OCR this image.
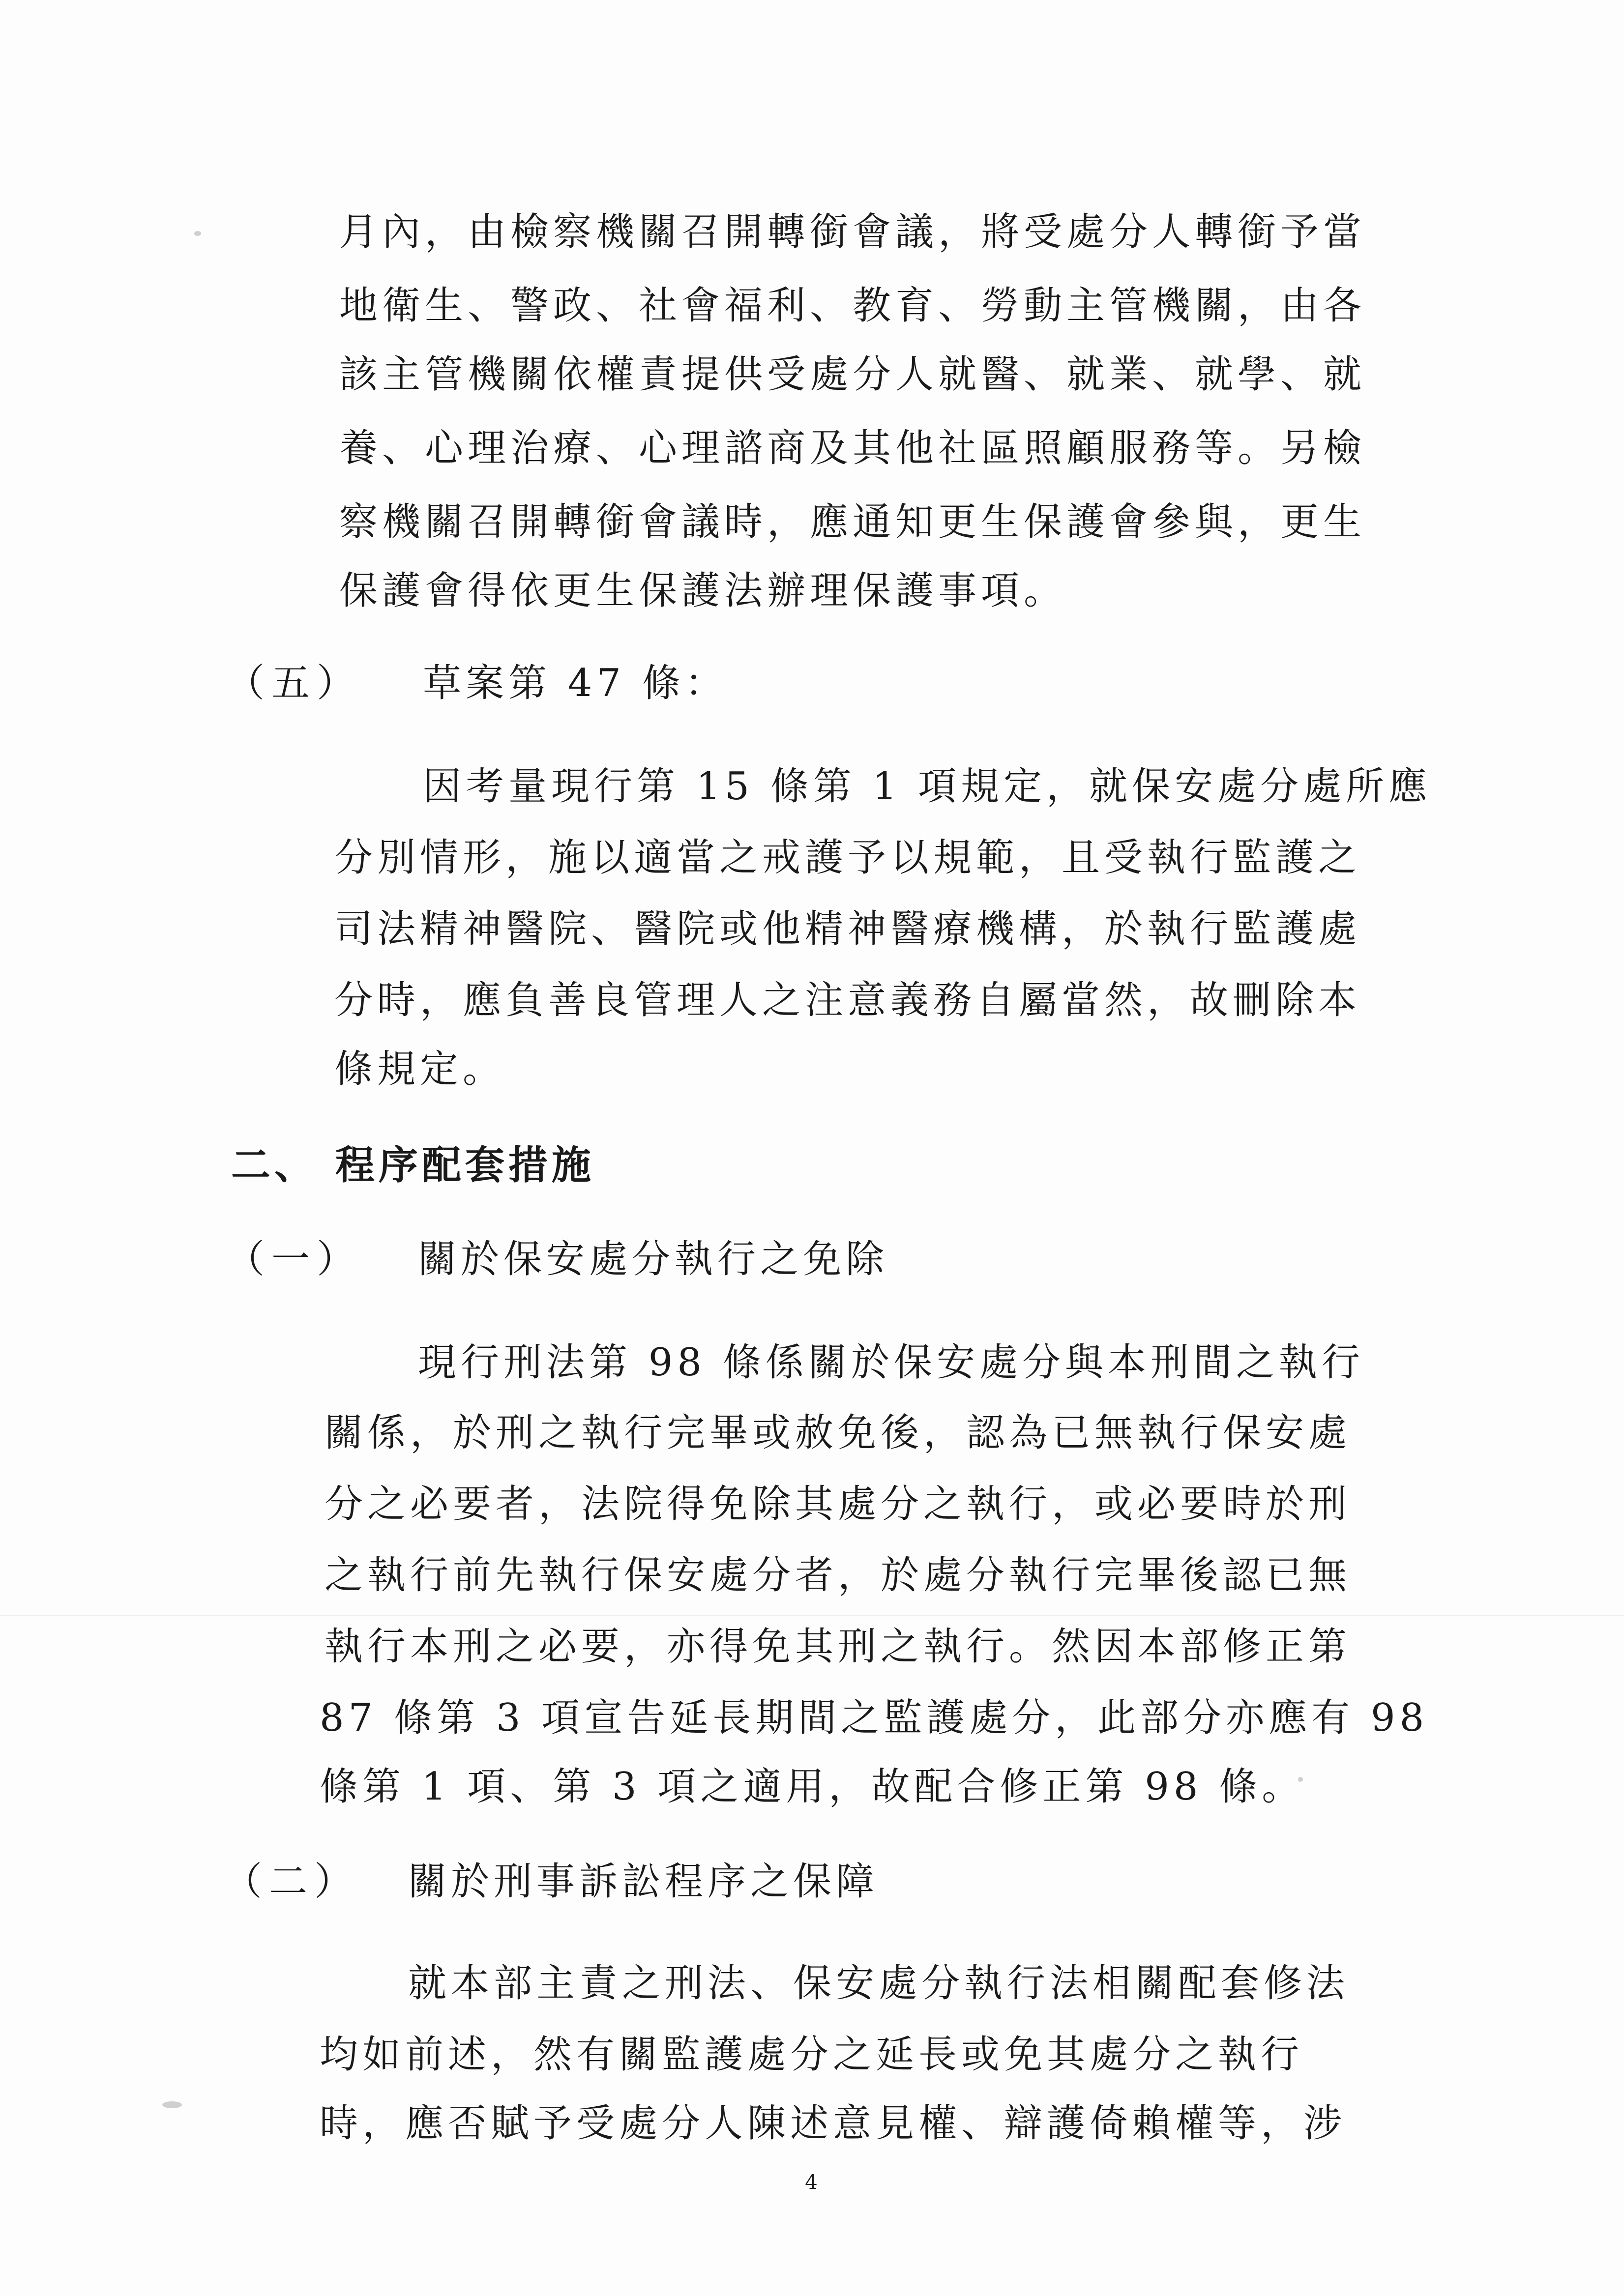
月內，由檢察機關召開轉銜會議，將受處分人轉銜予當
地衛生、警政、社會福利、教育、勞動主管機關，由各
該主管機關依權責提供受處分人就醫、就業、就學、就
養、心理治療、心理諮商及其他社區照顧服務等。另檢
察機關召開轉銜會議時，應通知更生保護會參與，更生
保護會得依更生保護法辦理保護事項。
（五） 草案第 47 條：
因考量現行第 15 條第 1 項規定，就保安處分處所應
分別情形，施以適當之戒護予以規範，且受執行監護之
司法精神醫院、醫院或他精神醫療機構，於執行監護處
分時，應負善良管理人之注意義務自屬當然，故刪除本
條規定。
二、 程序配套措施
（一） 關於保安處分執行之免除
現行刑法第 98 條係關於保安處分與本刑間之執行
關係，於刑之執行完畢或赦免後，認為已無執行保安處
分之必要者，法院得免除其處分之執行，或必要時於刑
之執行前先執行保安處分者，於處分執行完畢後認已無
執行本刑之必要，亦得免其刑之執行。然因本部修正第
87 條第 3 項宣告延長期間之監護處分，此部分亦應有 98
條第 1 項、第 3 項之適用，故配合修正第 98 條。
（二） 關於刑事訴訟程序之保障
就本部主責之刑法、保安處分執行法相關配套修法
均如前述，然有關監護處分之延長或免其處分之執行
時，應否賦予受處分人陳述意見權、辯護倚賴權等，涉
4
